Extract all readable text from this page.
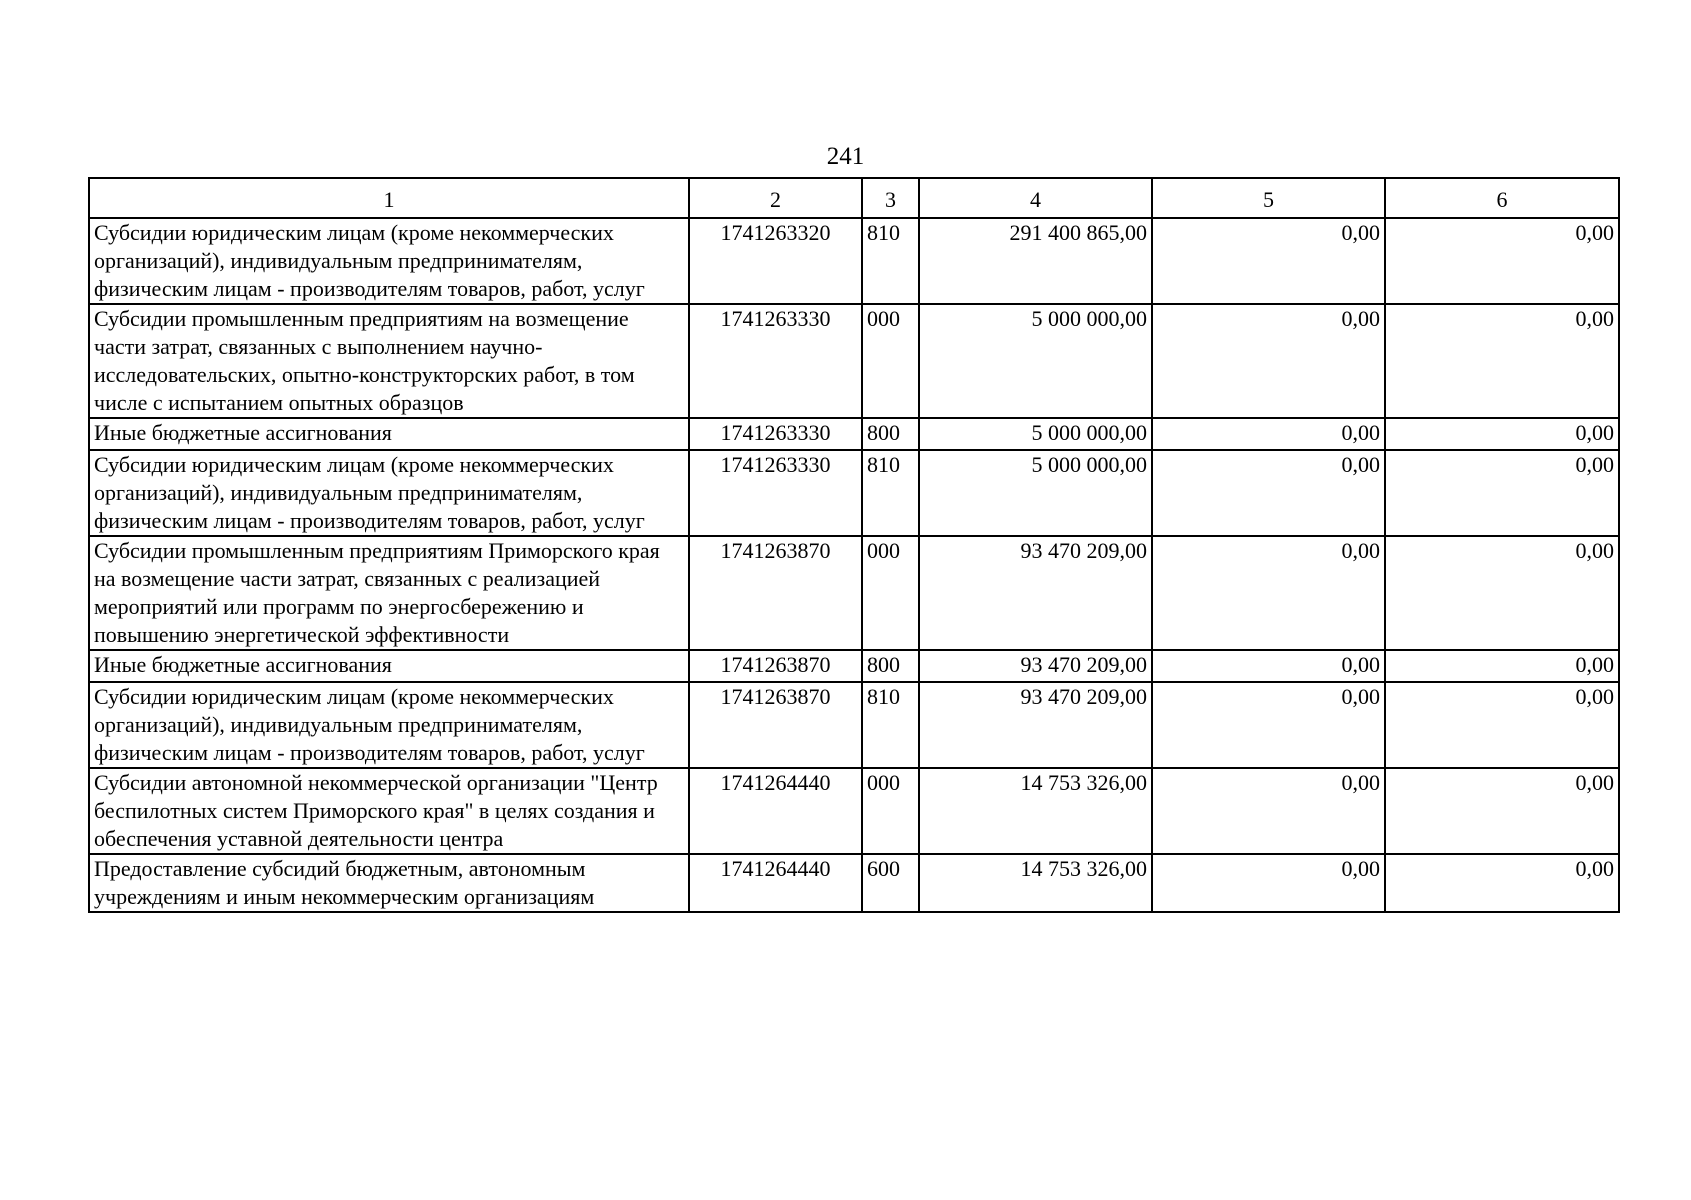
241
1	2	3	4	5	6
Субсидии юридическим лицам (кроме некоммерческих организаций), индивидуальным предпринимателям, физическим лицам - производителям товаров, работ, услуг	1741263320	810	291 400 865,00	0,00	0,00
Субсидии промышленным предприятиям на возмещение части затрат, связанных с выполнением научно-исследовательских, опытно-конструкторских работ, в том числе с испытанием опытных образцов	1741263330	000	5 000 000,00	0,00	0,00
Иные бюджетные ассигнования	1741263330	800	5 000 000,00	0,00	0,00
Субсидии юридическим лицам (кроме некоммерческих организаций), индивидуальным предпринимателям, физическим лицам - производителям товаров, работ, услуг	1741263330	810	5 000 000,00	0,00	0,00
Субсидии промышленным предприятиям Приморского края на возмещение части затрат, связанных с реализацией мероприятий или программ по энергосбережению и повышению энергетической эффективности	1741263870	000	93 470 209,00	0,00	0,00
Иные бюджетные ассигнования	1741263870	800	93 470 209,00	0,00	0,00
Субсидии юридическим лицам (кроме некоммерческих организаций), индивидуальным предпринимателям, физическим лицам - производителям товаров, работ, услуг	1741263870	810	93 470 209,00	0,00	0,00
Субсидии автономной некоммерческой организации "Центр беспилотных систем Приморского края" в целях создания и обеспечения уставной деятельности центра	1741264440	000	14 753 326,00	0,00	0,00
Предоставление субсидий бюджетным, автономным учреждениям и иным некоммерческим организациям	1741264440	600	14 753 326,00	0,00	0,00
